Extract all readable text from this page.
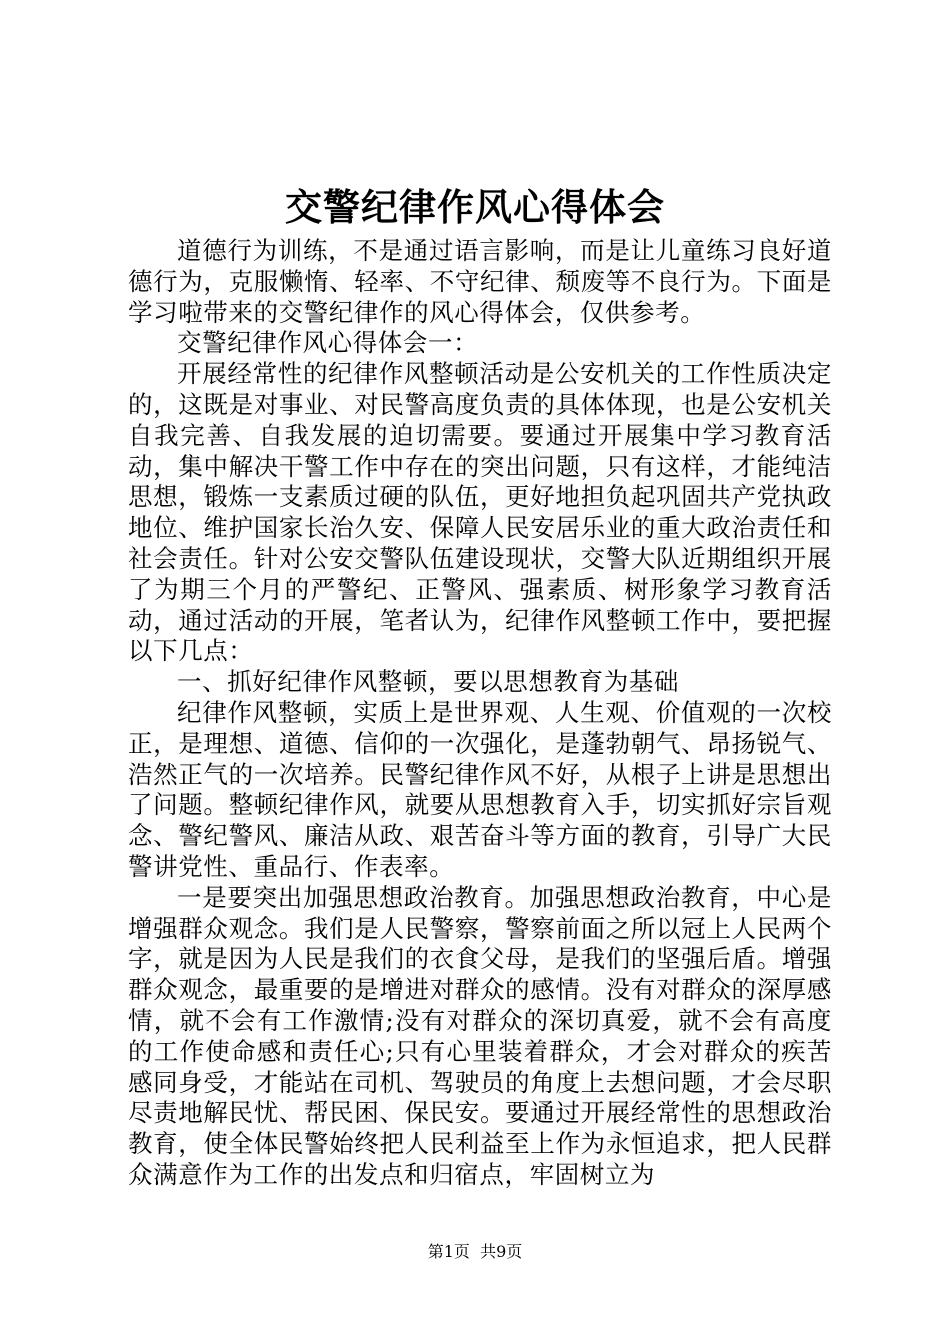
交警纪律作风心得体会

道德行为训练，不是通过语言影响，而是让儿童练习良好道德行为，克服懒惰、轻率、不守纪律、颓废等不良行为。下面是学习啦带来的交警纪律作的风心得体会，仅供参考。

交警纪律作风心得体会一：

开展经常性的纪律作风整顿活动是公安机关的工作性质决定的，这既是对事业、对民警高度负责的具体体现，也是公安机关自我完善、自我发展的迫切需要。要通过开展集中学习教育活动，集中解决干警工作中存在的突出问题，只有这样，才能纯洁思想，锻炼一支素质过硬的队伍，更好地担负起巩固共产党执政地位、维护国家长治久安、保障人民安居乐业的重大政治责任和社会责任。针对公安交警队伍建设现状，交警大队近期组织开展了为期三个月的严警纪、正警风、强素质、树形象学习教育活动，通过活动的开展，笔者认为，纪律作风整顿工作中，要把握以下几点：

一、抓好纪律作风整顿，要以思想教育为基础

纪律作风整顿，实质上是世界观、人生观、价值观的一次校正，是理想、道德、信仰的一次强化，是蓬勃朝气、昂扬锐气、浩然正气的一次培养。民警纪律作风不好，从根子上讲是思想出了问题。整顿纪律作风，就要从思想教育入手，切实抓好宗旨观念、警纪警风、廉洁从政、艰苦奋斗等方面的教育，引导广大民警讲党性、重品行、作表率。

一是要突出加强思想政治教育。加强思想政治教育，中心是增强群众观念。我们是人民警察，警察前面之所以冠上人民两个字，就是因为人民是我们的衣食父母，是我们的坚强后盾。增强群众观念，最重要的是增进对群众的感情。没有对群众的深厚感情，就不会有工作激情;没有对群众的深切真爱，就不会有高度的工作使命感和责任心;只有心里装着群众，才会对群众的疾苦感同身受，才能站在司机、驾驶员的角度上去想问题，才会尽职尽责地解民忧、帮民困、保民安。要通过开展经常性的思想政治教育，使全体民警始终把人民利益至上作为永恒追求，把人民群众满意作为工作的出发点和归宿点，牢固树立为

第1页 共9页
